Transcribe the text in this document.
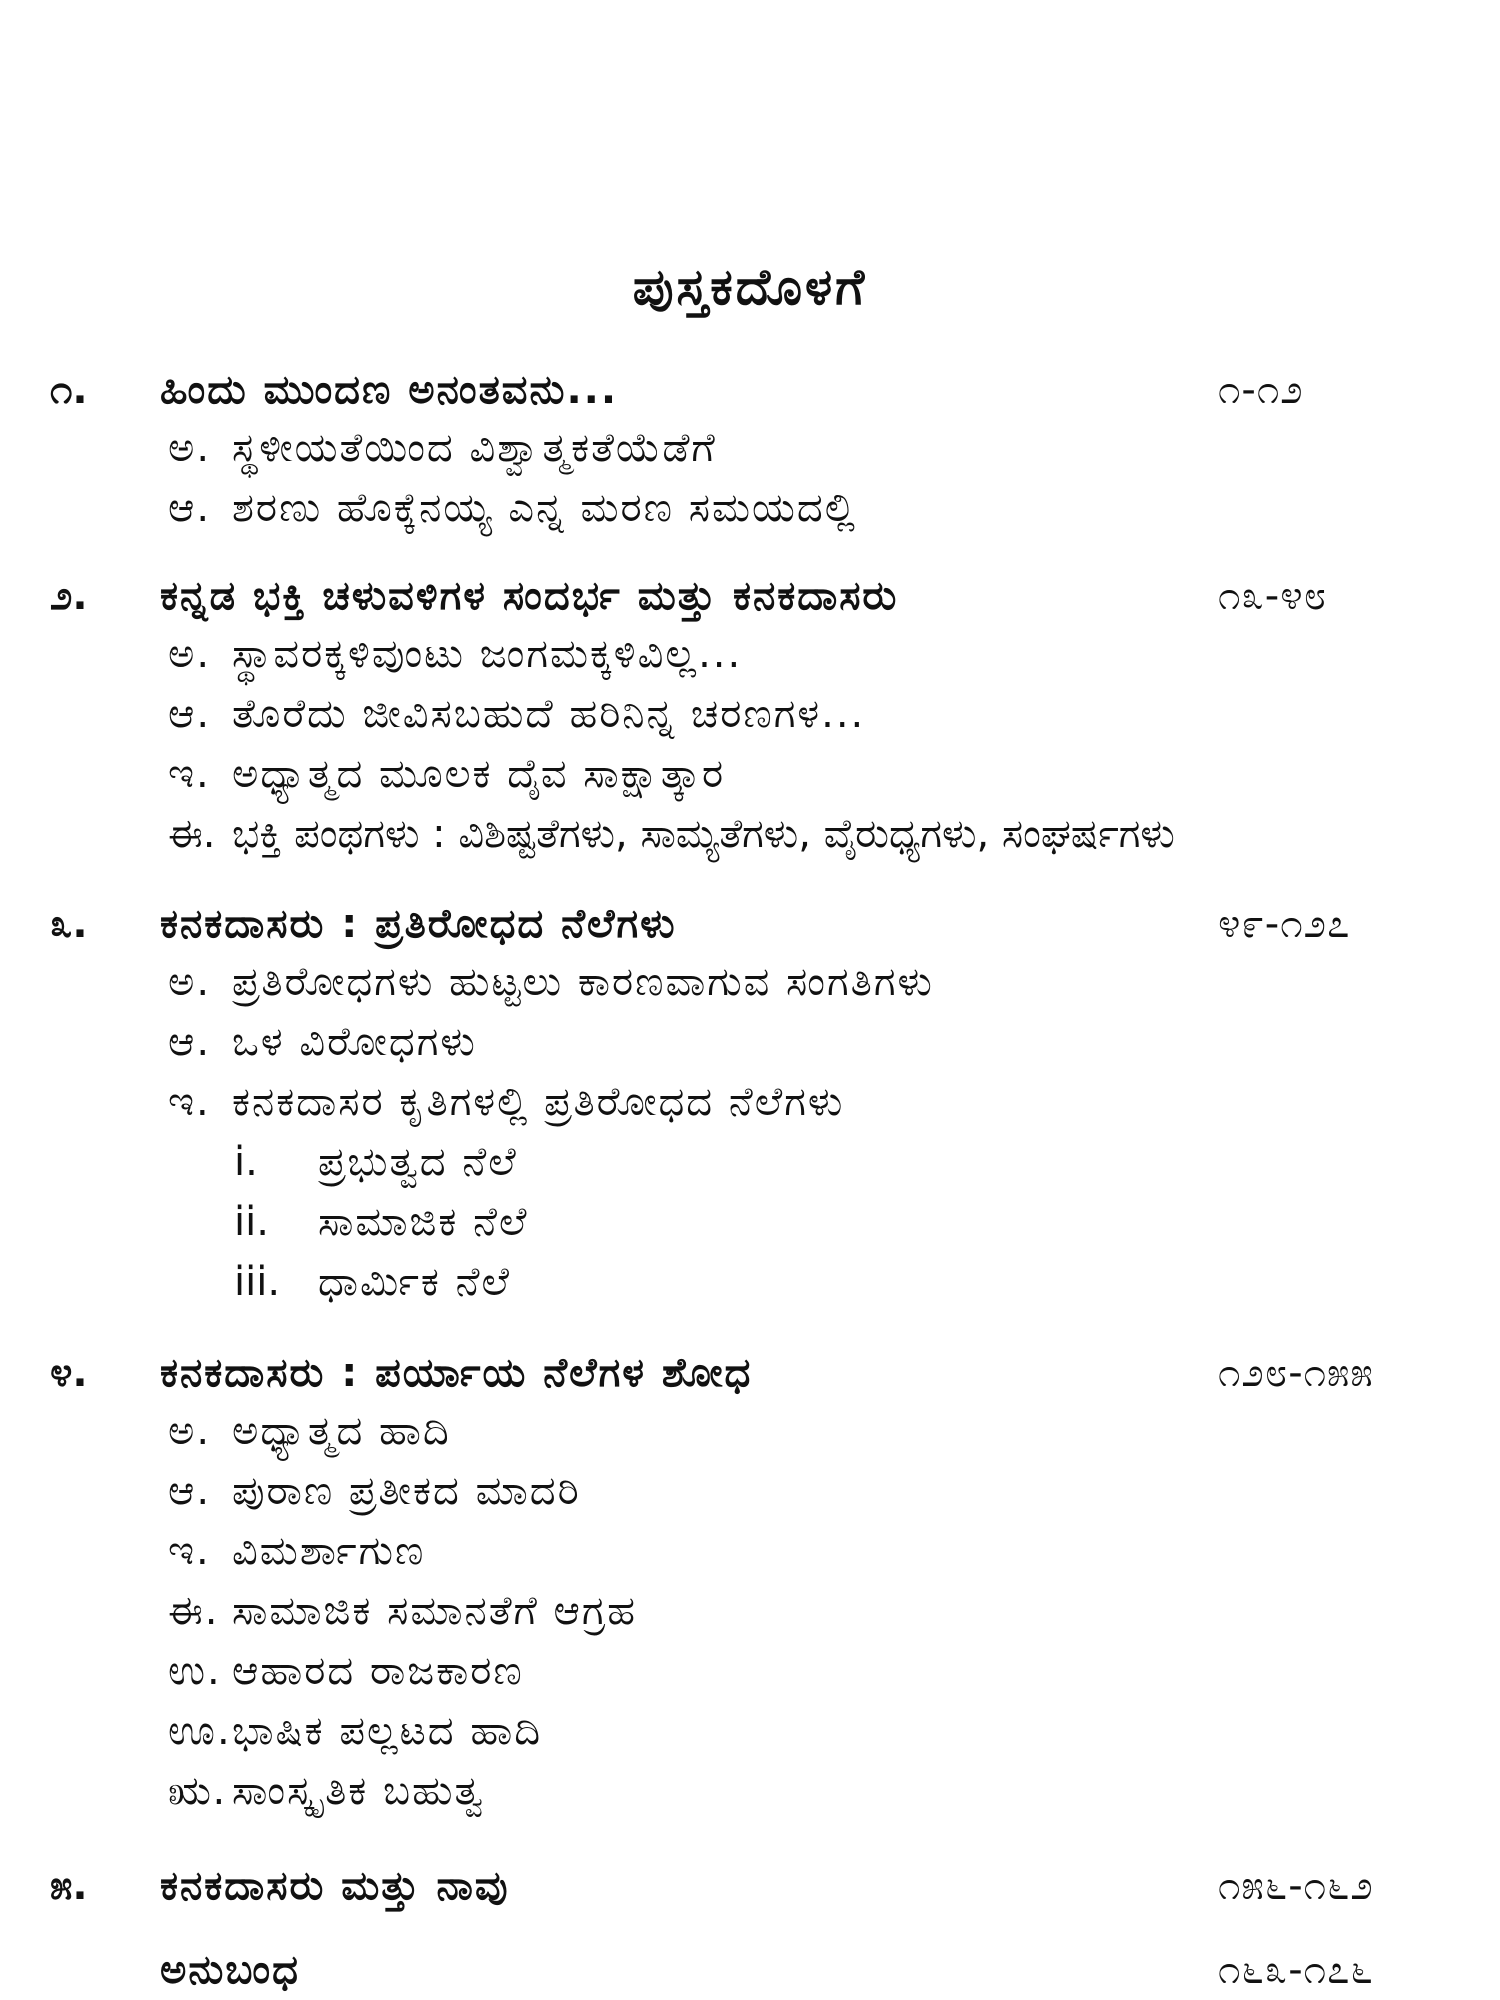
ಪುಸ್ತಕದೊಳಗೆ
೧. ಹಿಂದು ಮುಂದಣ ಅನಂತವನು...	೧-೧೨
ಅ. ಸ್ಥಳೀಯತೆಯಿಂದ ವಿಶ್ವಾತ್ಮಕತೆಯೆಡೆಗೆ
ಆ. ಶರಣು ಹೊಕ್ಕೆನಯ್ಯ ಎನ್ನ ಮರಣ ಸಮಯದಲ್ಲಿ
೨. ಕನ್ನಡ ಭಕ್ತಿ ಚಳುವಳಿಗಳ ಸಂದರ್ಭ ಮತ್ತು ಕನಕದಾಸರು	೧೩-೪೮
ಅ. ಸ್ಥಾವರಕ್ಕಳಿವುಂಟು ಜಂಗಮಕ್ಕಳಿವಿಲ್ಲ...
ಆ. ತೊರೆದು ಜೀವಿಸಬಹುದೆ ಹರಿನಿನ್ನ ಚರಣಗಳ...
ಇ. ಅಧ್ಯಾತ್ಮದ ಮೂಲಕ ದೈವ ಸಾಕ್ಷಾತ್ಕಾರ
ಈ. ಭಕ್ತಿ ಪಂಥಗಳು : ವಿಶಿಷ್ಟತೆಗಳು, ಸಾಮ್ಯತೆಗಳು, ವೈರುಧ್ಯಗಳು, ಸಂಘರ್ಷಗಳು
೩. ಕನಕದಾಸರು : ಪ್ರತಿರೋಧದ ನೆಲೆಗಳು	೪೯-೧೨೭
ಅ. ಪ್ರತಿರೋಧಗಳು ಹುಟ್ಟಲು ಕಾರಣವಾಗುವ ಸಂಗತಿಗಳು
ಆ. ಒಳ ವಿರೋಧಗಳು
ಇ. ಕನಕದಾಸರ ಕೃತಿಗಳಲ್ಲಿ ಪ್ರತಿರೋಧದ ನೆಲೆಗಳು
i. ಪ್ರಭುತ್ವದ ನೆಲೆ
ii. ಸಾಮಾಜಿಕ ನೆಲೆ
iii. ಧಾರ್ಮಿಕ ನೆಲೆ
೪. ಕನಕದಾಸರು : ಪರ್ಯಾಯ ನೆಲೆಗಳ ಶೋಧ	೧೨೮-೧೫೫
ಅ. ಅಧ್ಯಾತ್ಮದ ಹಾದಿ
ಆ. ಪುರಾಣ ಪ್ರತೀಕದ ಮಾದರಿ
ಇ. ವಿಮರ್ಶಾಗುಣ
ಈ. ಸಾಮಾಜಿಕ ಸಮಾನತೆಗೆ ಆಗ್ರಹ
ಉ. ಆಹಾರದ ರಾಜಕಾರಣ
ಊ. ಭಾಷಿಕ ಪಲ್ಲಟದ ಹಾದಿ
ಋ. ಸಾಂಸ್ಕೃತಿಕ ಬಹುತ್ವ
೫. ಕನಕದಾಸರು ಮತ್ತು ನಾವು	೧೫೬-೧೬೨
ಅನುಬಂಧ	೧೬೩-೧೭೬
